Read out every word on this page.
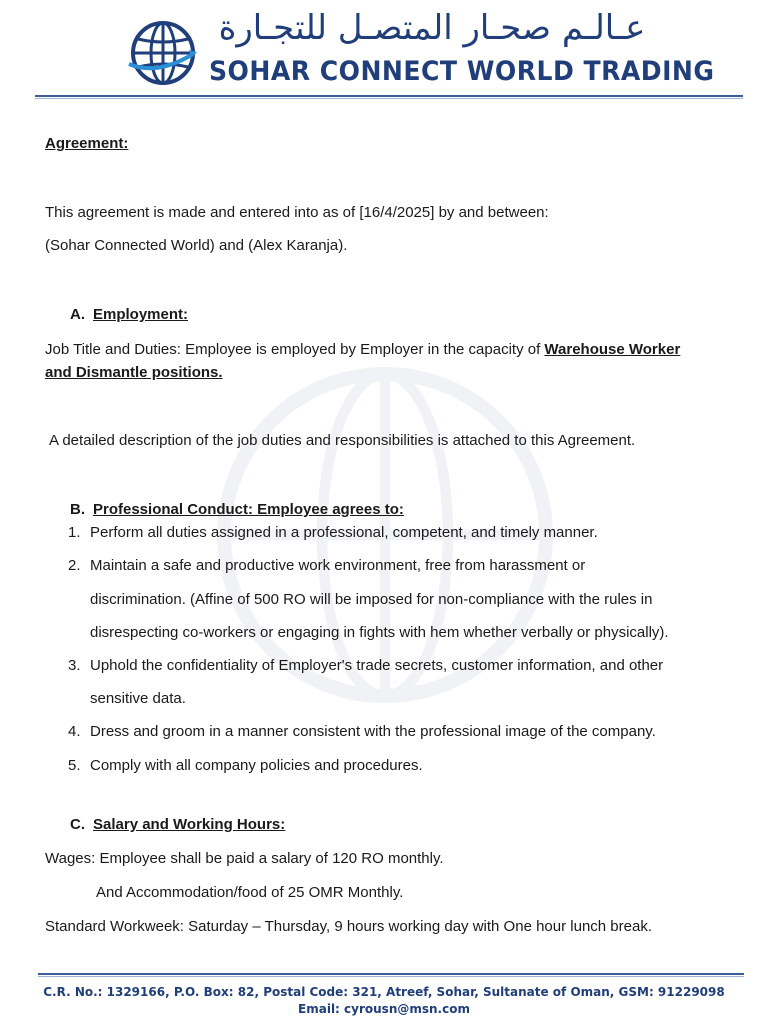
عـالـم صحـار المتصـل للتجـارة
SOHAR CONNECT WORLD TRADING
Agreement:
This agreement is made and entered into as of [16/4/2025] by and between:
(Sohar Connected World) and (Alex Karanja).
A. Employment:
Job Title and Duties: Employee is employed by Employer in the capacity of Warehouse Worker
and Dismantle positions.
A detailed description of the job duties and responsibilities is attached to this Agreement.
B. Professional Conduct: Employee agrees to:
1. Perform all duties assigned in a professional, competent, and timely manner.
2. Maintain a safe and productive work environment, free from harassment or
discrimination. (Affine of 500 RO will be imposed for non-compliance with the rules in
disrespecting co-workers or engaging in fights with hem whether verbally or physically).
3. Uphold the confidentiality of Employer's trade secrets, customer information, and other
sensitive data.
4. Dress and groom in a manner consistent with the professional image of the company.
5. Comply with all company policies and procedures.
C. Salary and Working Hours:
Wages: Employee shall be paid a salary of 120 RO monthly.
And Accommodation/food of 25 OMR Monthly.
Standard Workweek: Saturday – Thursday, 9 hours working day with One hour lunch break.
C.R. No.: 1329166, P.O. Box: 82, Postal Code: 321, Atreef, Sohar, Sultanate of Oman, GSM: 91229098
Email: cyrousn@msn.com
